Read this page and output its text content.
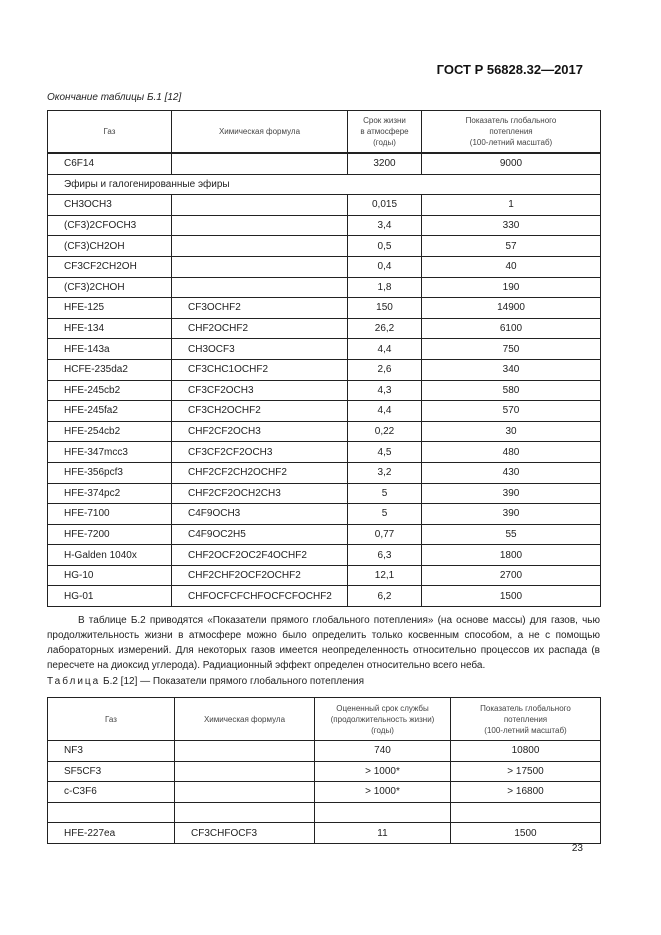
ГОСТ Р 56828.32—2017
Окончание таблицы Б.1 [12]
Газ	Химическая формула	Срок жизни
в атмосфере
(годы)	Показатель глобального
потепления
(100-летний масштаб)
C6F14		3200	9000
Эфиры и галогенированные эфиры			
CH3OCH3		0,015	1
(CF3)2CFOCH3		3,4	330
(CF3)CH2OH		0,5	57
CF3CF2CH2OH		0,4	40
(CF3)2CHOH		1,8	190
HFE-125	CF3OCHF2	150	14900
HFE-134	CHF2OCHF2	26,2	6100
HFE-143a	CH3OCF3	4,4	750
HCFE-235da2	CF3CHC1OCHF2	2,6	340
HFE-245cb2	CF3CF2OCH3	4,3	580
HFE-245fa2	CF3CH2OCHF2	4,4	570
HFE-254cb2	CHF2CF2OCH3	0,22	30
HFE-347mcc3	CF3CF2CF2OCH3	4,5	480
HFE-356pcf3	CHF2CF2CH2OCHF2	3,2	430
HFE-374pc2	CHF2CF2OCH2CH3	5	390
HFE-7100	C4F9OCH3	5	390
HFE-7200	C4F9OC2H5	0,77	55
H-Galden 1040x	CHF2OCF2OC2F4OCHF2	6,3	1800
HG-10	CHF2CHF2OCF2OCHF2	12,1	2700
HG-01	CHFOCFCFCHFOCFCFOCHF2	6,2	1500
В таблице Б.2 приводятся «Показатели прямого глобального потепления» (на основе массы) для газов, чью продолжительность жизни в атмосфере можно было определить только косвенным способом, а не с помощью лабораторных измерений. Для некоторых газов имеется неопределенность относительно процессов их распада (в пересчете на диоксид углерода). Радиационный эффект определен относительно всего неба.
Таблица Б.2 [12] — Показатели прямого глобального потепления
Газ	Химическая формула	Оцененный срок службы
(продолжительность жизни)
(годы)	Показатель глобального
потепления
(100-летний масштаб)
NF3		740	10800
SF5CF3		> 1000*	> 17500
c-C3F6		> 1000*	> 16800

HFE-227ea	CF3CHFOCF3	11	1500
23
